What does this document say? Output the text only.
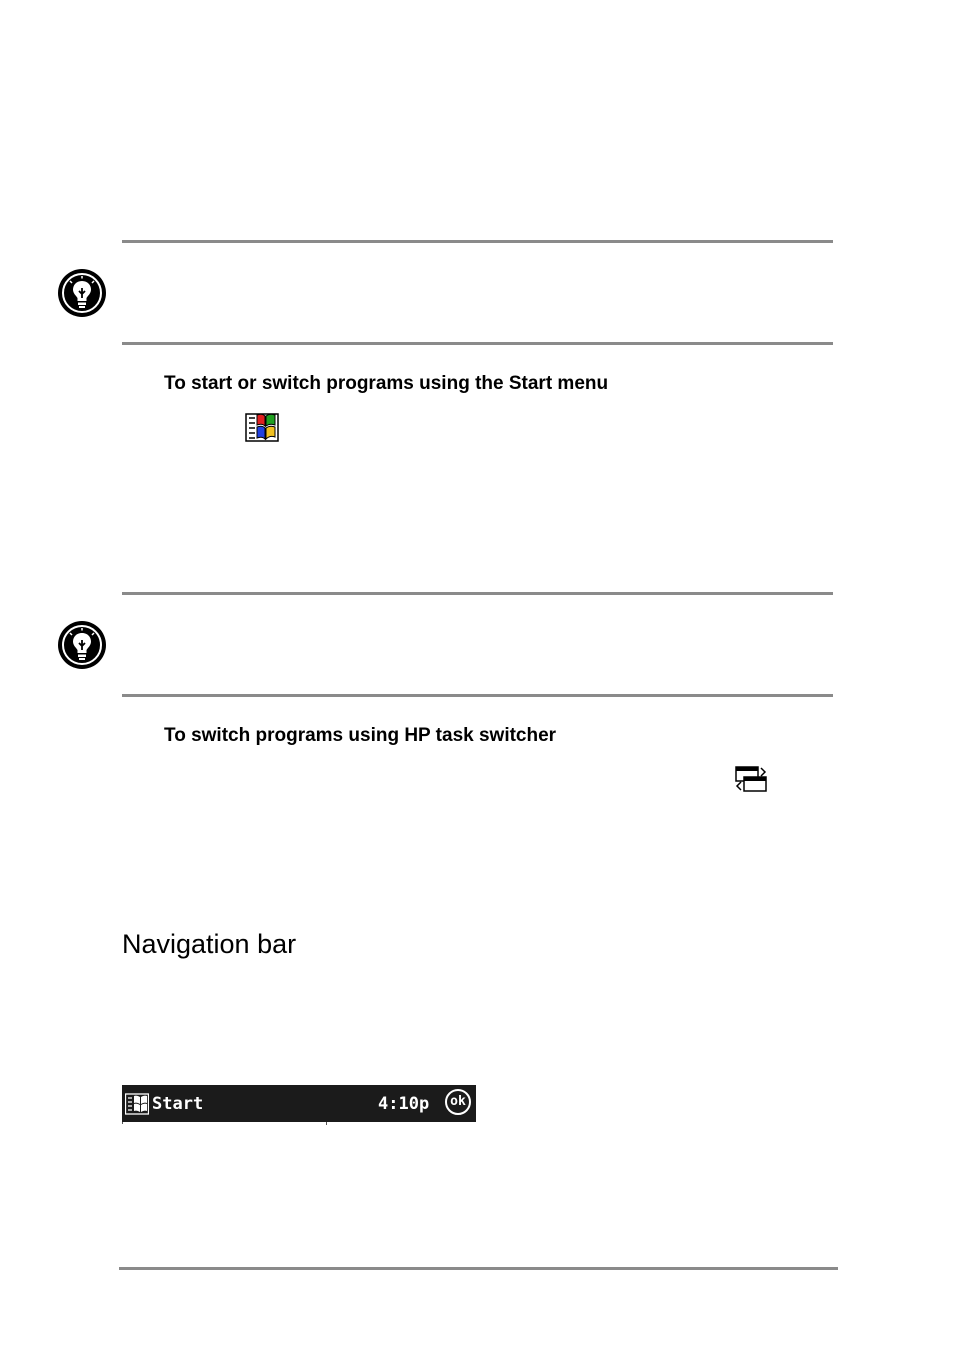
To start or switch programs using the Start menu
To switch programs using HP task switcher
Navigation bar
Start	4:10p	ok
